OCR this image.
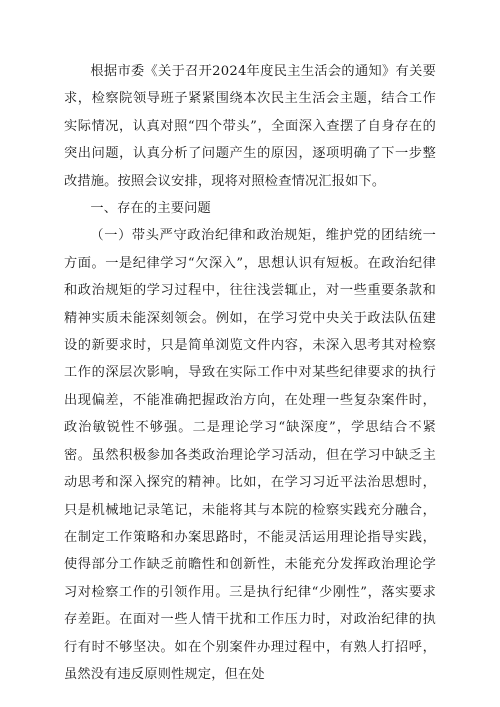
根据市委《关于召开2024年度民主生活会的通知》有关要求，检察院领导班子紧紧围绕本次民主生活会主题，结合工作实际情况，认真对照“四个带头”，全面深入查摆了自身存在的突出问题，认真分析了问题产生的原因，逐项明确了下一步整改措施。按照会议安排，现将对照检查情况汇报如下。

一、存在的主要问题

（一）带头严守政治纪律和政治规矩，维护党的团结统一方面。一是纪律学习“欠深入”，思想认识有短板。在政治纪律和政治规矩的学习过程中，往往浅尝辄止，对一些重要条款和精神实质未能深刻领会。例如，在学习党中央关于政法队伍建设的新要求时，只是简单浏览文件内容，未深入思考其对检察工作的深层次影响，导致在实际工作中对某些纪律要求的执行出现偏差，不能准确把握政治方向，在处理一些复杂案件时，政治敏锐性不够强。二是理论学习“缺深度”，学思结合不紧密。虽然积极参加各类政治理论学习活动，但在学习中缺乏主动思考和深入探究的精神。比如，在学习习近平法治思想时，只是机械地记录笔记，未能将其与本院的检察实践充分融合，在制定工作策略和办案思路时，不能灵活运用理论指导实践，使得部分工作缺乏前瞻性和创新性，未能充分发挥政治理论学习对检察工作的引领作用。三是执行纪律“少刚性”，落实要求存差距。在面对一些人情干扰和工作压力时，对政治纪律的执行有时不够坚决。如在个别案件办理过程中，有熟人打招呼，虽然没有违反原则性规定，但在处
